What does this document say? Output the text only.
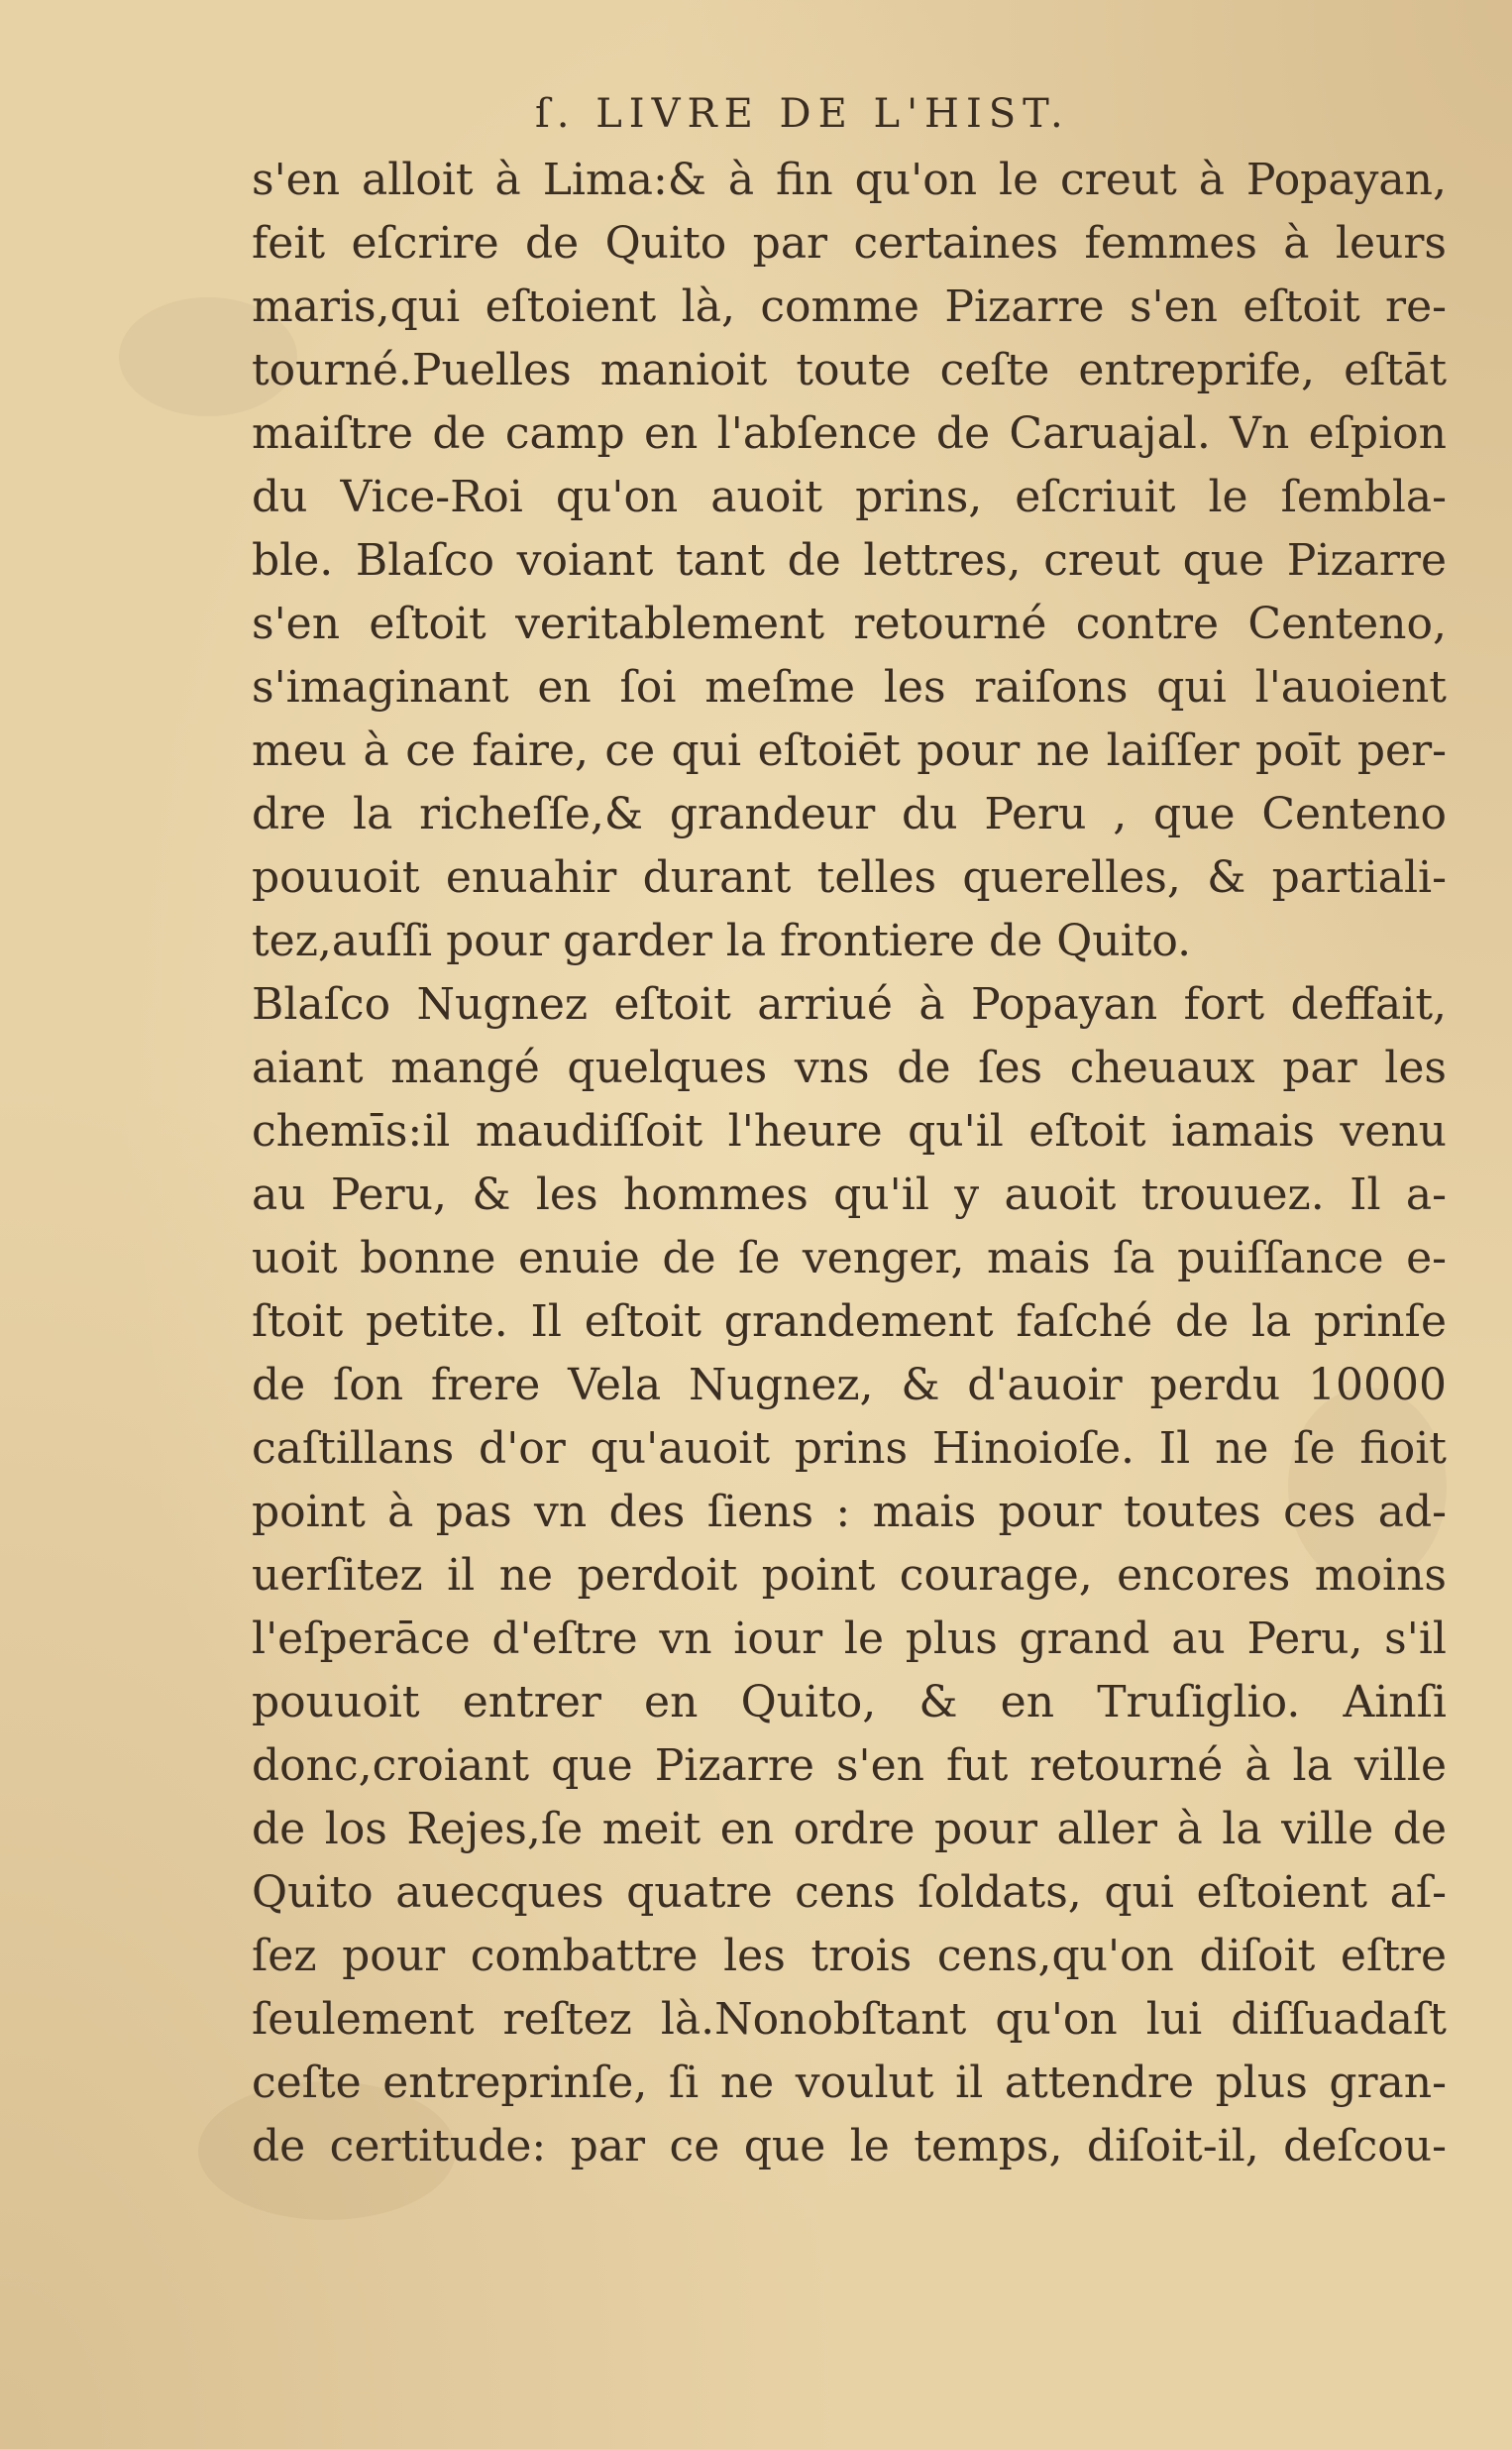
ſ. LIVRE DE L'HIST.
s'en alloit à Lima:& à fin qu'on le creut à Popayan,
feit eſcrire de Quito par certaines femmes à leurs
maris,qui eſtoient là, comme Pizarre s'en eſtoit re-
tourné.Puelles manioit toute ceſte entreprife, eſtāt
maiſtre de camp en l'abſence de Caruajal. Vn eſpion
du Vice-Roi qu'on auoit prins, eſcriuit le ſembla-
ble. Blaſco voiant tant de lettres, creut que Pizarre
s'en eſtoit veritablement retourné contre Centeno,
s'imaginant en ſoi meſme les raiſons qui l'auoient
meu à ce faire, ce qui eſtoiēt pour ne laiſſer poīt per-
dre la richeſſe,& grandeur du Peru , que Centeno
pouuoit enuahir durant telles querelles, & partiali-
tez,auſſi pour garder la frontiere de Quito.
Blaſco Nugnez eſtoit arriué à Popayan fort deffait,
aiant mangé quelques vns de ſes cheuaux par les
chemīs:il maudiſſoit l'heure qu'il eſtoit iamais venu
au Peru, & les hommes qu'il y auoit trouuez. Il a-
uoit bonne enuie de ſe venger, mais ſa puiſſance e-
ſtoit petite. Il eſtoit grandement faſché de la prinſe
de ſon frere Vela Nugnez, & d'auoir perdu 10000
caſtillans d'or qu'auoit prins Hinoioſe. Il ne ſe fioit
point à pas vn des ſiens : mais pour toutes ces ad-
uerſitez il ne perdoit point courage, encores moins
l'eſperāce d'eſtre vn iour le plus grand au Peru, s'il
pouuoit entrer en Quito, & en Truſiglio. Ainſi
donc,croiant que Pizarre s'en fut retourné à la ville
de los Rejes,ſe meit en ordre pour aller à la ville de
Quito auecques quatre cens ſoldats, qui eſtoient aſ-
ſez pour combattre les trois cens,qu'on diſoit eſtre
ſeulement reſtez là.Nonobſtant qu'on lui diſſuadaſt
ceſte entreprinſe, ſi ne voulut il attendre plus gran-
de certitude: par ce que le temps, diſoit-il, deſcou-
